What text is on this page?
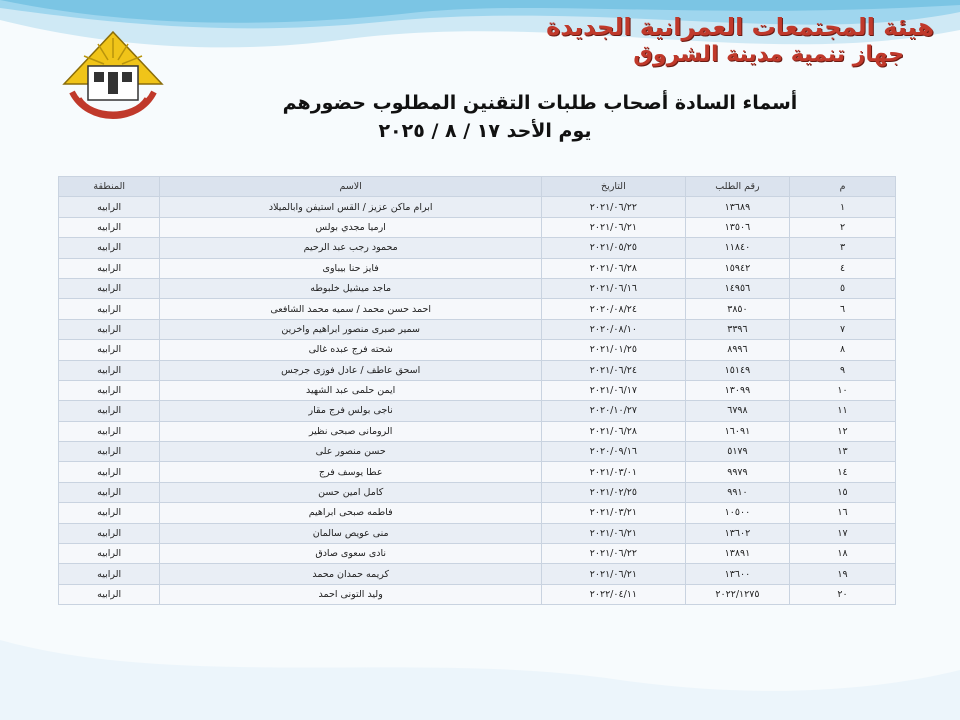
هيئة المجتمعات العمرانية الجديدة
جهاز تنمية مدينة الشروق
أسماء السادة أصحاب طلبات التقنين المطلوب حضورهم
يوم الأحد ١٧ / ٨ / ٢٠٢٥
م	رقم الطلب	التاريخ	الاسم	المنطقة
١	١٣٦٨٩	٢٠٢١/٠٦/٢٢	ابرام ماكن عزيز / القس استيفن وابالميلاد	الرابيه
٢	١٣٥٠٦	٢٠٢١/٠٦/٢١	ارميا مجدي بولس	الرابيه
٣	١١٨٤٠	٢٠٢١/٠٥/٢٥	محمود رجب عبد الرحيم	الرابيه
٤	١٥٩٤٢	٢٠٢١/٠٦/٢٨	فايز حنا بيباوى	الرابيه
٥	١٤٩٥٦	٢٠٢١/٠٦/١٦	ماجد ميشيل خلبوطه	الرابيه
٦	٣٨٥٠	٢٠٢٠/٠٨/٢٤	احمد حسن محمد / سميه محمد الشافعى	الرابيه
٧	٣٣٩٦	٢٠٢٠/٠٨/١٠	سمير صبرى منصور ابراهيم واخرين	الرابيه
٨	٨٩٩٦	٢٠٢١/٠١/٢٥	شحته فرج عبده غالى	الرابيه
٩	١٥١٤٩	٢٠٢١/٠٦/٢٤	اسحق عاطف / عادل فوزى جرجس	الرابيه
١٠	١٣٠٩٩	٢٠٢١/٠٦/١٧	ايمن حلمى عبد الشهيد	الرابيه
١١	٦٧٩٨	٢٠٢٠/١٠/٢٧	ناجى بولس فرج مقار	الرابيه
١٢	١٦٠٩١	٢٠٢١/٠٦/٢٨	الرومانى صبحى نظير	الرابيه
١٣	٥١٧٩	٢٠٢٠/٠٩/١٦	حسن منصور على	الرابيه
١٤	٩٩٧٩	٢٠٢١/٠٣/٠١	عطا يوسف فرج	الرابيه
١٥	٩٩١٠	٢٠٢١/٠٢/٢٥	كامل امين حسن	الرابيه
١٦	١٠٥٠٠	٢٠٢١/٠٣/٢١	فاطمه صبحى ابراهيم	الرابيه
١٧	١٣٦٠٢	٢٠٢١/٠٦/٢١	منى عويص سالمان	الرابيه
١٨	١٣٨٩١	٢٠٢١/٠٦/٢٢	نادى سعوى صادق	الرابيه
١٩	١٣٦٠٠	٢٠٢١/٠٦/٢١	كريمه حمدان محمد	الرابيه
٢٠	٢٠٢٢/١٢٧٥	٢٠٢٢/٠٤/١١	وليد التونى احمد	الرابيه
